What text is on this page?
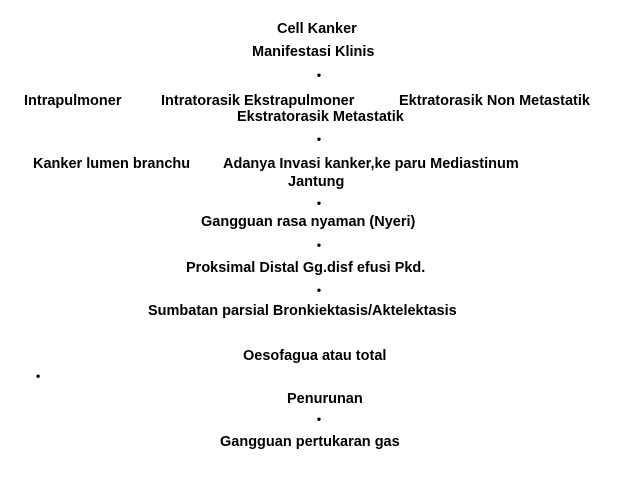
Cell Kanker
Manifestasi Klinis
•
Intrapulmoner	Intratorasik Ekstrapulmoner	Ektratorasik Non Metastatik
Ekstratorasik Metastatik
•
Kanker lumen branchu Adanya Invasi kanker,ke paru Mediastinum
Jantung
•
Gangguan rasa nyaman (Nyeri)
•
Proksimal Distal Gg.disf efusi Pkd.
•
Sumbatan parsial Bronkiektasis/Aktelektasis
Oesofagua atau total
•
Penurunan
•
Gangguan pertukaran gas
